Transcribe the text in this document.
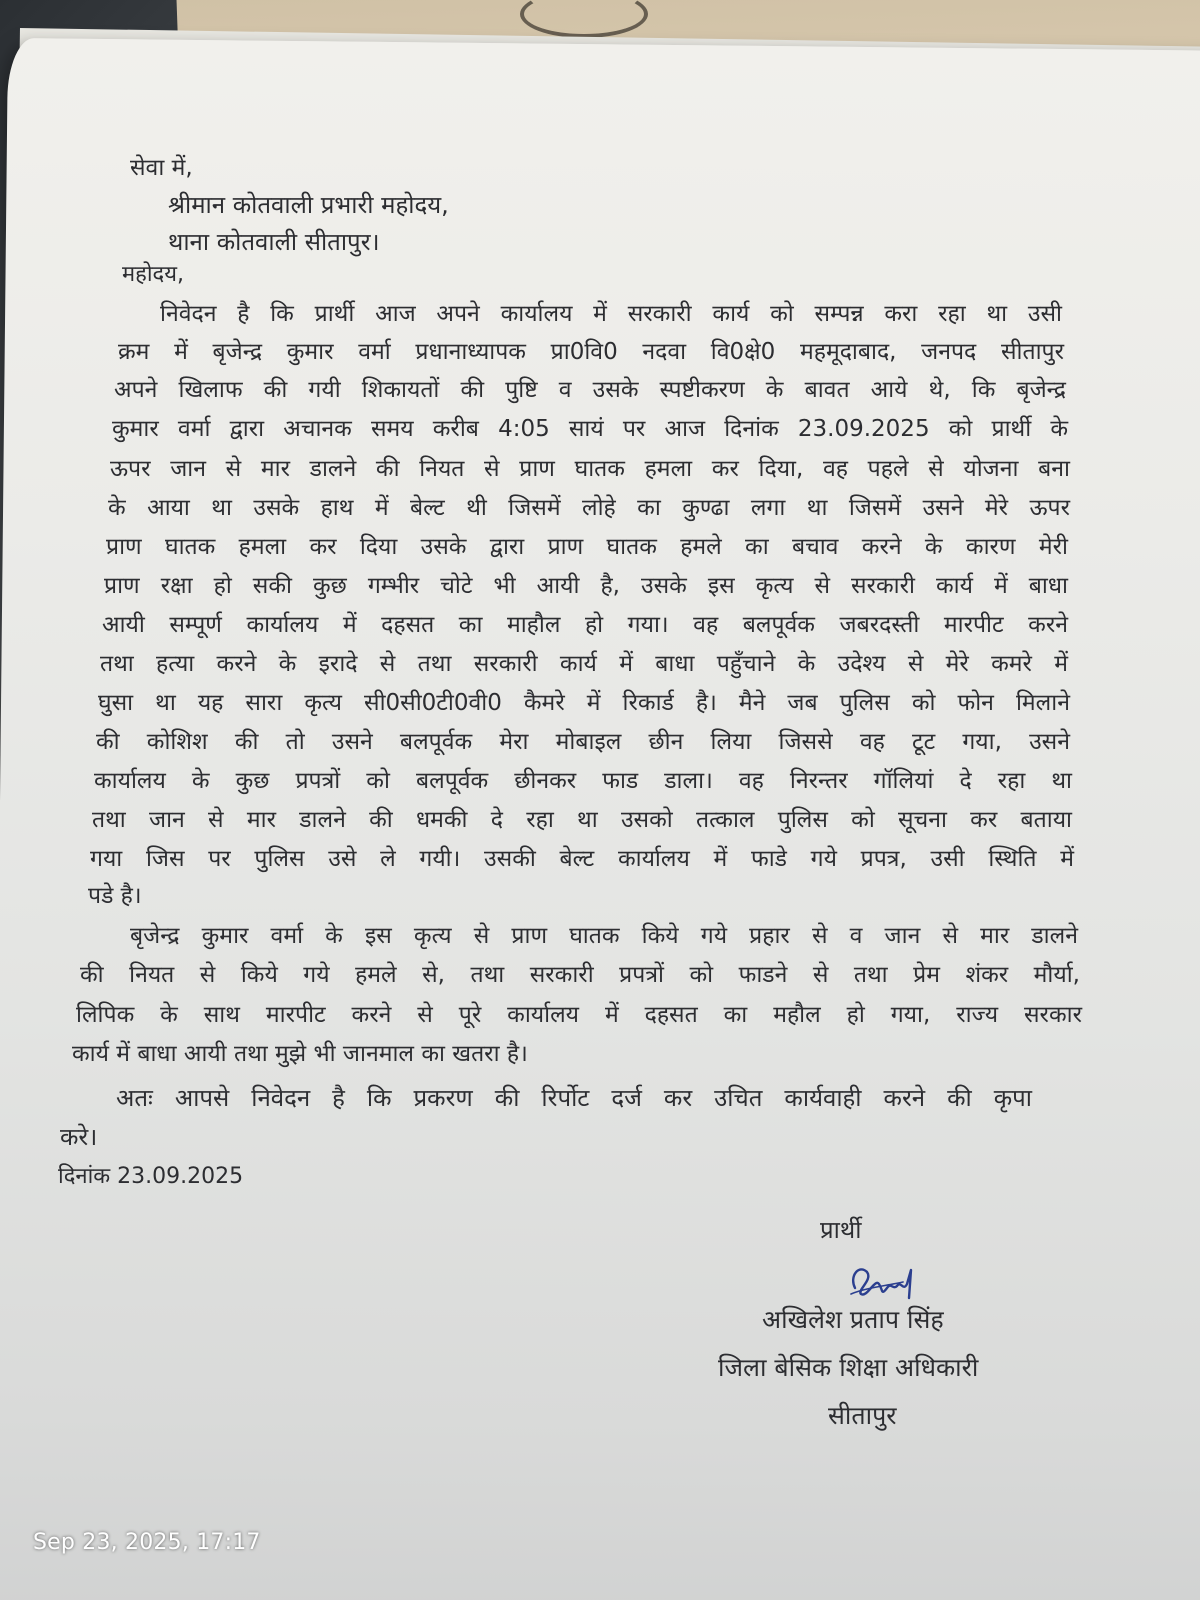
सेवा में,
श्रीमान कोतवाली प्रभारी महोदय,
थाना कोतवाली सीतापुर।
महोदय,
निवेदन है कि प्रार्थी आज अपने कार्यालय में सरकारी कार्य को सम्पन्न करा रहा था उसी
क्रम में बृजेन्द्र कुमार वर्मा प्रधानाध्यापक प्रा0वि0 नदवा वि0क्षे0 महमूदाबाद, जनपद सीतापुर
अपने खिलाफ की गयी शिकायतों की पुष्टि व उसके स्पष्टीकरण के बावत आये थे, कि बृजेन्द्र
कुमार वर्मा द्वारा अचानक समय करीब 4:05 सायं पर आज दिनांक 23.09.2025 को प्रार्थी के
ऊपर जान से मार डालने की नियत से प्राण घातक हमला कर दिया, वह पहले से योजना बना
के आया था उसके हाथ में बेल्ट थी जिसमें लोहे का कुण्ढा लगा था जिसमें उसने मेरे ऊपर
प्राण घातक हमला कर दिया उसके द्वारा प्राण घातक हमले का बचाव करने के कारण मेरी
प्राण रक्षा हो सकी कुछ गम्भीर चोटे भी आयी है, उसके इस कृत्य से सरकारी कार्य में बाधा
आयी सम्पूर्ण कार्यालय में दहसत का माहौल हो गया। वह बलपूर्वक जबरदस्ती मारपीट करने
तथा हत्या करने के इरादे से तथा सरकारी कार्य में बाधा पहुँचाने के उदेश्य से मेरे कमरे में
घुसा था यह सारा कृत्य सी0सी0टी0वी0 कैमरे में रिकार्ड है। मैने जब पुलिस को फोन मिलाने
की कोशिश की तो उसने बलपूर्वक मेरा मोबाइल छीन लिया जिससे वह टूट गया, उसने
कार्यालय के कुछ प्रपत्रों को बलपूर्वक छीनकर फाड डाला। वह निरन्तर गॉलियां दे रहा था
तथा जान से मार डालने की धमकी दे रहा था उसको तत्काल पुलिस को सूचना कर बताया
गया जिस पर पुलिस उसे ले गयी। उसकी बेल्ट कार्यालय में फाडे गये प्रपत्र, उसी स्थिति में
पडे है।
बृजेन्द्र कुमार वर्मा के इस कृत्य से प्राण घातक किये गये प्रहार से व जान से मार डालने
की नियत से किये गये हमले से, तथा सरकारी प्रपत्रों को फाडने से तथा प्रेम शंकर मौर्या,
लिपिक के साथ मारपीट करने से पूरे कार्यालय में दहसत का महौल हो गया, राज्य सरकार
कार्य में बाधा आयी तथा मुझे भी जानमाल का खतरा है।
अतः आपसे निवेदन है कि प्रकरण की रिर्पोट दर्ज कर उचित कार्यवाही करने की कृपा
करे।
दिनांक 23.09.2025
प्रार्थी
अखिलेश प्रताप सिंह
जिला बेसिक शिक्षा अधिकारी
सीतापुर
Sep 23, 2025, 17:17
